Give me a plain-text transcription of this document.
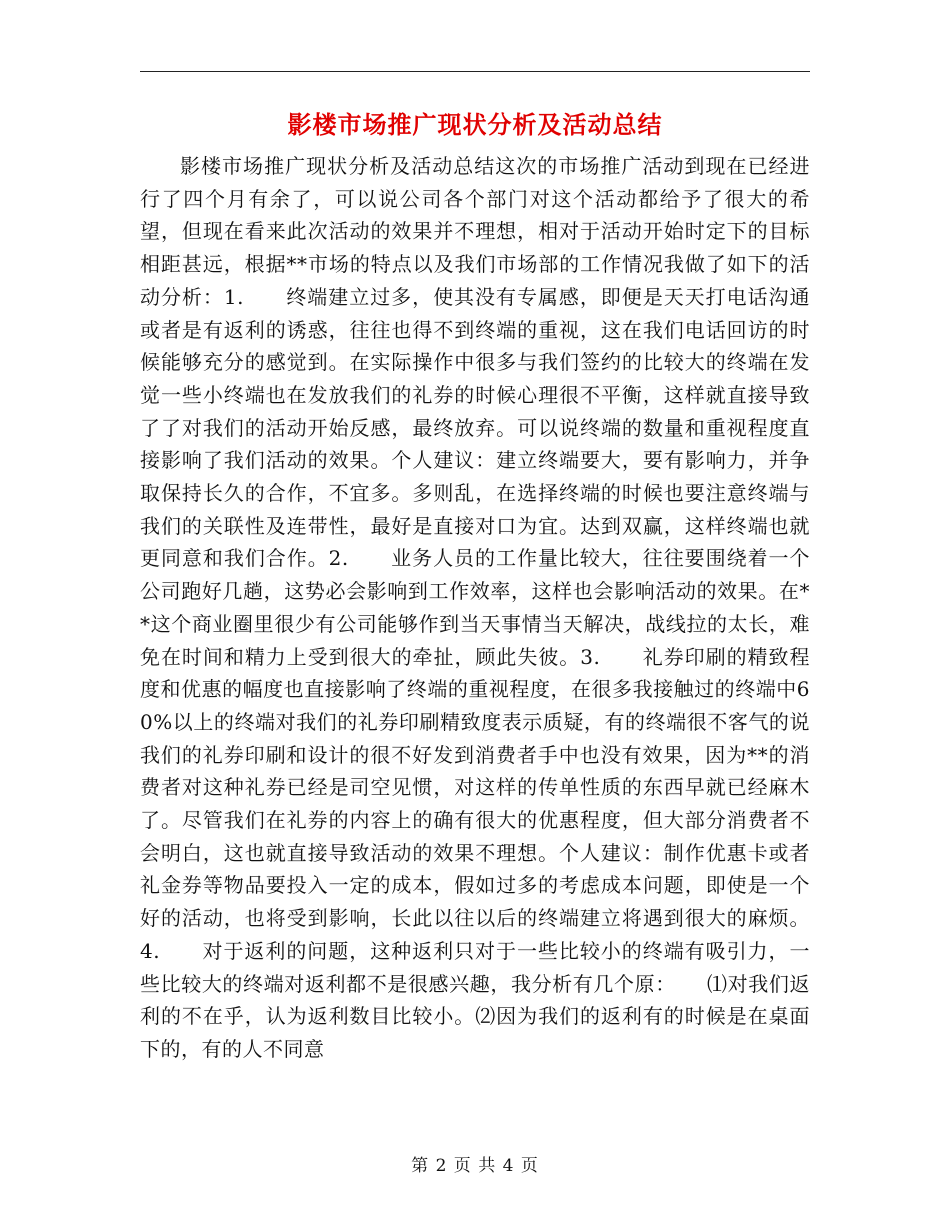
影楼市场推广现状分析及活动总结

影楼市场推广现状分析及活动总结这次的市场推广活动到现在已经进行了四个月有余了，可以说公司各个部门对这个活动都给予了很大的希望，但现在看来此次活动的效果并不理想，相对于活动开始时定下的目标相距甚远，根据**市场的特点以及我们市场部的工作情况我做了如下的活动分析：1.　　终端建立过多，使其没有专属感，即便是天天打电话沟通或者是有返利的诱惑，往往也得不到终端的重视，这在我们电话回访的时候能够充分的感觉到。在实际操作中很多与我们签约的比较大的终端在发觉一些小终端也在发放我们的礼券的时候心理很不平衡，这样就直接导致了了对我们的活动开始反感，最终放弃。可以说终端的数量和重视程度直接影响了我们活动的效果。个人建议：建立终端要大，要有影响力，并争取保持长久的合作，不宜多。多则乱，在选择终端的时候也要注意终端与我们的关联性及连带性，最好是直接对口为宜。达到双赢，这样终端也就更同意和我们合作。2.　　业务人员的工作量比较大，往往要围绕着一个公司跑好几趟，这势必会影响到工作效率，这样也会影响活动的效果。在**这个商业圈里很少有公司能够作到当天事情当天解决，战线拉的太长，难免在时间和精力上受到很大的牵扯，顾此失彼。3.　　礼券印刷的精致程度和优惠的幅度也直接影响了终端的重视程度，在很多我接触过的终端中60%以上的终端对我们的礼券印刷精致度表示质疑，有的终端很不客气的说我们的礼券印刷和设计的很不好发到消费者手中也没有效果，因为**的消费者对这种礼券已经是司空见惯，对这样的传单性质的东西早就已经麻木了。尽管我们在礼券的内容上的确有很大的优惠程度，但大部分消费者不会明白，这也就直接导致活动的效果不理想。个人建议：制作优惠卡或者礼金券等物品要投入一定的成本，假如过多的考虑成本问题，即使是一个好的活动，也将受到影响，长此以往以后的终端建立将遇到很大的麻烦。4.　　对于返利的问题，这种返利只对于一些比较小的终端有吸引力，一些比较大的终端对返利都不是很感兴趣，我分析有几个原：　　⑴对我们返利的不在乎，认为返利数目比较小。⑵因为我们的返利有的时候是在桌面下的，有的人不同意

第 2 页 共 4 页
